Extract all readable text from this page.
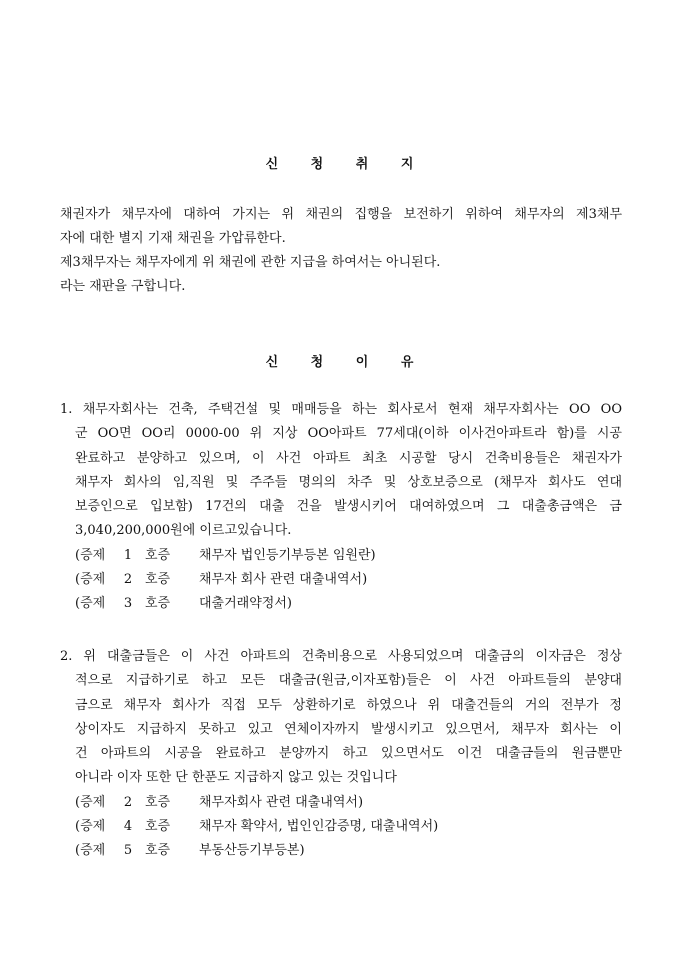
신 청 취 지

채권자가 채무자에 대하여 가지는 위 채권의 집행을 보전하기 위하여 채무자의 제3채무

자에 대한 별지 기재 채권을 가압류한다.

제3채무자는 채무자에게 위 채권에 관한 지급을 하여서는 아니된다.

라는 재판을 구합니다.

신 청 이 유
1. 채무자회사는 건축, 주택건설 및 매매등을 하는 회사로서 현재 채무자회사는 OO OO
군 OO면 OO리 0000-00 위 지상 OO아파트 77세대(이하 이사건아파트라 함)를 시공
완료하고 분양하고 있으며, 이 사건 아파트 최초 시공할 당시 건축비용들은 채권자가
채무자 회사의 임,직원 및 주주들 명의의 차주 및 상호보증으로 (채무자 회사도 연대
보증인으로 입보함) 17건의 대출 건을 발생시키어 대여하였으며 그 대출총금액은 금
3,040,200,000원에 이르고있습니다.
(증제 1 호증 채무자 법인등기부등본 임원란)
(증제 2 호증 채무자 회사 관련 대출내역서)
(증제 3 호증 대출거래약정서)
2. 위 대출금들은 이 사건 아파트의 건축비용으로 사용되었으며 대출금의 이자금은 정상
적으로 지급하기로 하고 모든 대출금(원금,이자포함)들은 이 사건 아파트들의 분양대
금으로 채무자 회사가 직접 모두 상환하기로 하였으나 위 대출건들의 거의 전부가 정
상이자도 지급하지 못하고 있고 연체이자까지 발생시키고 있으면서, 채무자 회사는 이
건 아파트의 시공을 완료하고 분양까지 하고 있으면서도 이건 대출금들의 원금뿐만
아니라 이자 또한 단 한푼도 지급하지 않고 있는 것입니다
(증제 2 호증 채무자회사 관련 대출내역서)
(증제 4 호증 채무자 확약서, 법인인감증명, 대출내역서)
(증제 5 호증 부동산등기부등본)
